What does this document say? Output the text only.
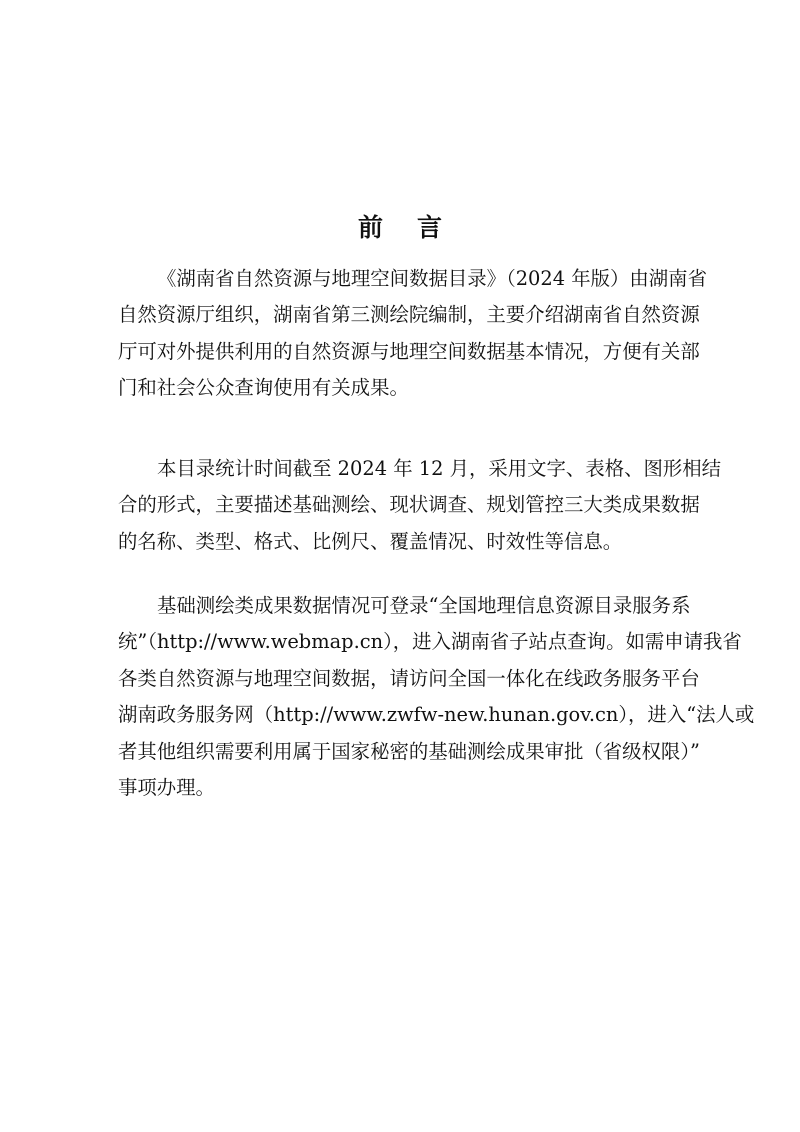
前 言
《湖南省自然资源与地理空间数据目录》（2024 年版）由湖南省
自然资源厅组织，湖南省第三测绘院编制，主要介绍湖南省自然资源
厅可对外提供利用的自然资源与地理空间数据基本情况，方便有关部
门和社会公众查询使用有关成果。
本目录统计时间截至 2024 年 12 月，采用文字、表格、图形相结
合的形式，主要描述基础测绘、现状调查、规划管控三大类成果数据
的名称、类型、格式、比例尺、覆盖情况、时效性等信息。
基础测绘类成果数据情况可登录“全国地理信息资源目录服务系
统”（http://www.webmap.cn），进入湖南省子站点查询。如需申请我省
各类自然资源与地理空间数据，请访问全国一体化在线政务服务平台
湖南政务服务网（http://www.zwfw-new.hunan.gov.cn），进入“法人或
者其他组织需要利用属于国家秘密的基础测绘成果审批（省级权限）”
事项办理。
